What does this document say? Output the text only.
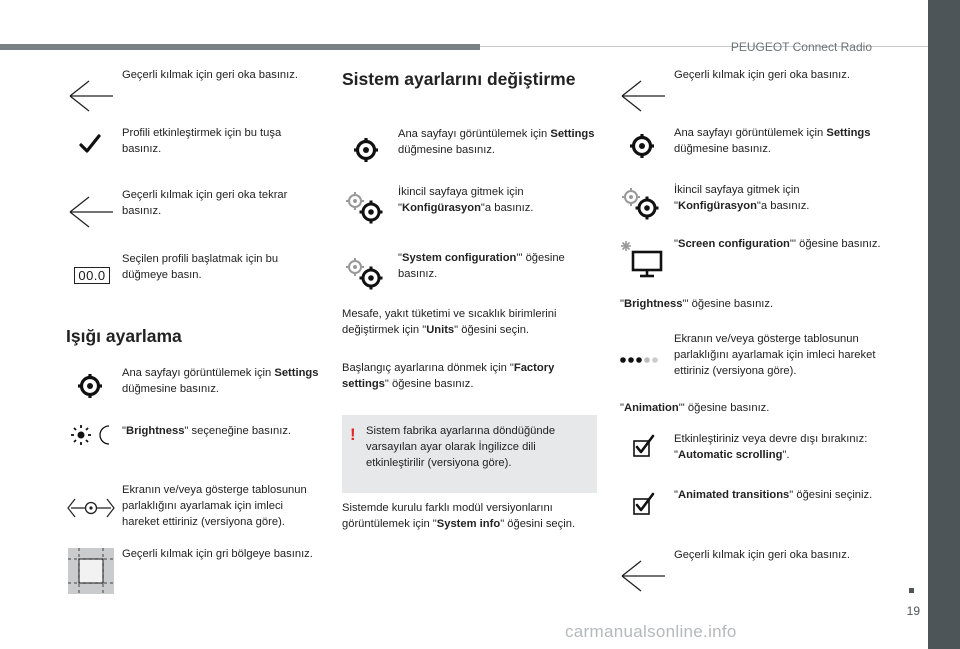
PEUGEOT Connect Radio
19
carmanualsonline.info
Geçerli kılmak için geri oka basınız.
Profili etkinleştirmek için bu tuşa basınız.
Geçerli kılmak için geri oka tekrar basınız.
00.0
Seçilen profili başlatmak için bu düğmeye basın.
Işığı ayarlama
Ana sayfayı görüntülemek için Settings düğmesine basınız.
"Brightness" seçeneğine basınız.
Ekranın ve/veya gösterge tablosunun parlaklığını ayarlamak için imleci hareket ettiriniz (versiyona göre).
Geçerli kılmak için gri bölgeye basınız.
Sistem ayarlarını değiştirme
Ana sayfayı görüntülemek için Settings düğmesine basınız.
İkincil sayfaya gitmek için "Konfigürasyon"a basınız.
"System configuration"' öğesine basınız.
Mesafe, yakıt tüketimi ve sıcaklık birimlerini değiştirmek için "Units" öğesini seçin.
Başlangıç ayarlarına dönmek için "Factory settings" öğesine basınız.
! Sistem fabrika ayarlarına döndüğünde varsayılan ayar olarak İngilizce dili etkinleştirilir (versiyona göre).
Sistemde kurulu farklı modül versiyonlarını görüntülemek için "System info" öğesini seçin.
Geçerli kılmak için geri oka basınız.
Ana sayfayı görüntülemek için Settings düğmesine basınız.
İkincil sayfaya gitmek için "Konfigürasyon"a basınız.
"Screen configuration"' öğesine basınız.
"Brightness"' öğesine basınız.
Ekranın ve/veya gösterge tablosunun parlaklığını ayarlamak için imleci hareket ettiriniz (versiyona göre).
"Animation"' öğesine basınız.
Etkinleştiriniz veya devre dışı bırakınız: "Automatic scrolling".
"Animated transitions" öğesini seçiniz.
Geçerli kılmak için geri oka basınız.
